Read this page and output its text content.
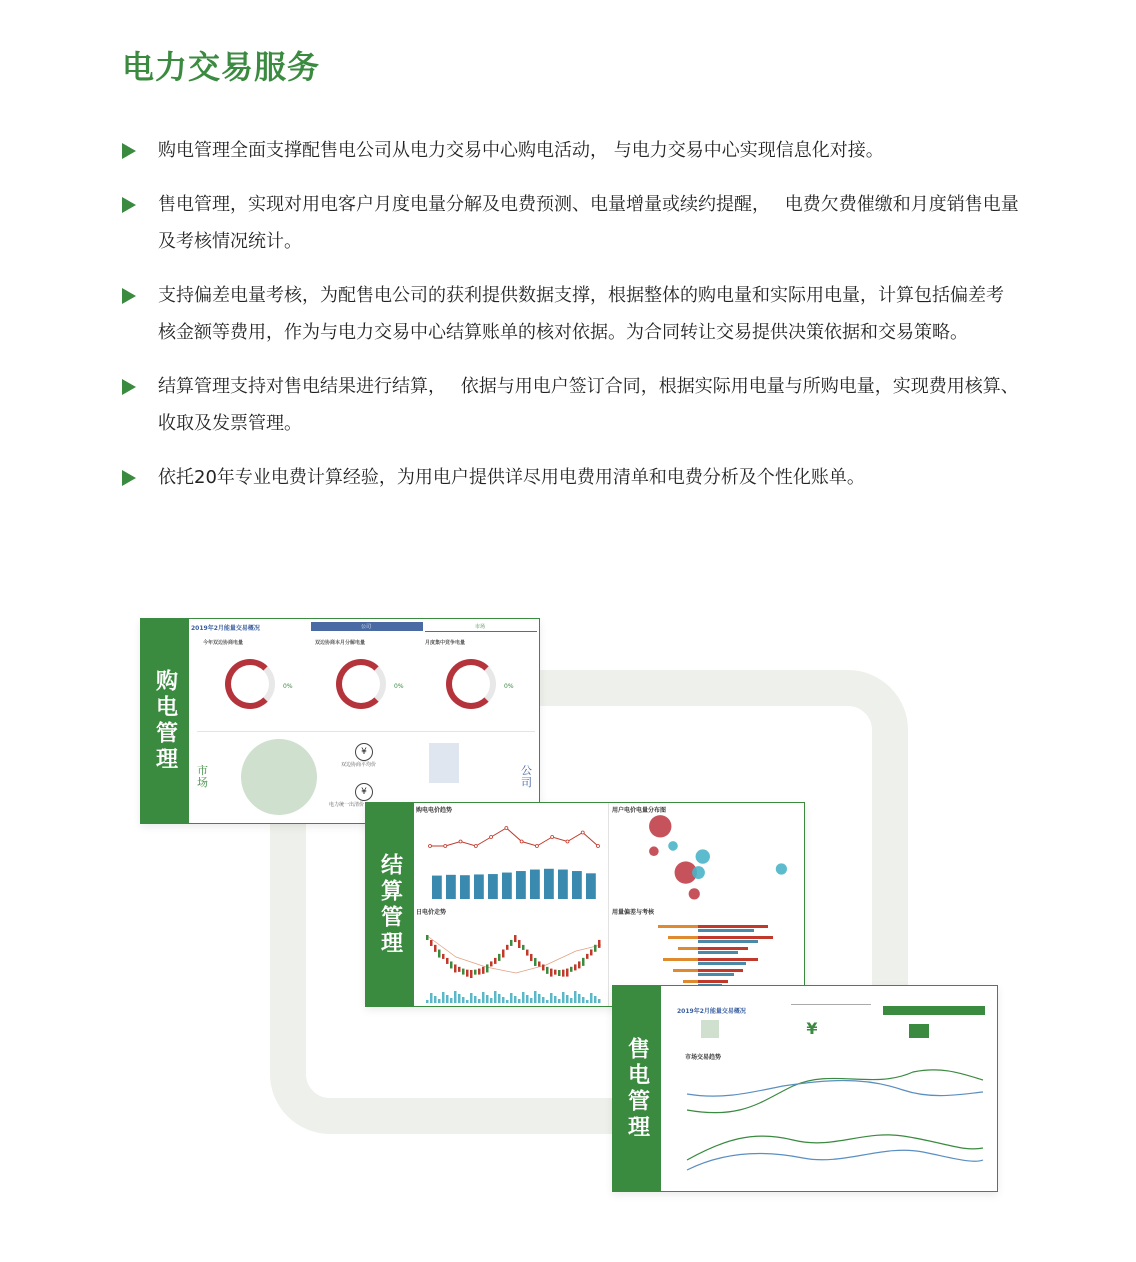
电力交易服务
购电管理全面支撑配售电公司从电力交易中心购电活动， 与电力交易中心实现信息化对接。
售电管理，实现对用电客户月度电量分解及电费预测、电量增量或续约提醒，　 电费欠费催缴和月度销售电量及考核情况统计。
支持偏差电量考核，为配售电公司的获利提供数据支撑，根据整体的购电量和实际用电量，计算包括偏差考核金额等费用，作为与电力交易中心结算账单的核对依据。为合同转让交易提供决策依据和交易策略。
结算管理支持对售电结果进行结算，　 依据与用电户签订合同，根据实际用电量与所购电量，实现费用核算、收取及发票管理。
依托20年专业电费计算经验，为用电户提供详尽用电费用清单和电费分析及个性化账单。
购电管理
2019年2月能量交易概况	公司	市场
今年双边协商电量
0%
双边协商本月分解电量
0%
月度集中竞争电量
0%
市场
¥
双边协商平均价
¥
电力统一出清价
公司
结算管理
购电电价趋势
日电价走势
用户电价电量分布图
用量偏差与考核
售电管理
2019年2月能量交易概况
¥
市场交易趋势
